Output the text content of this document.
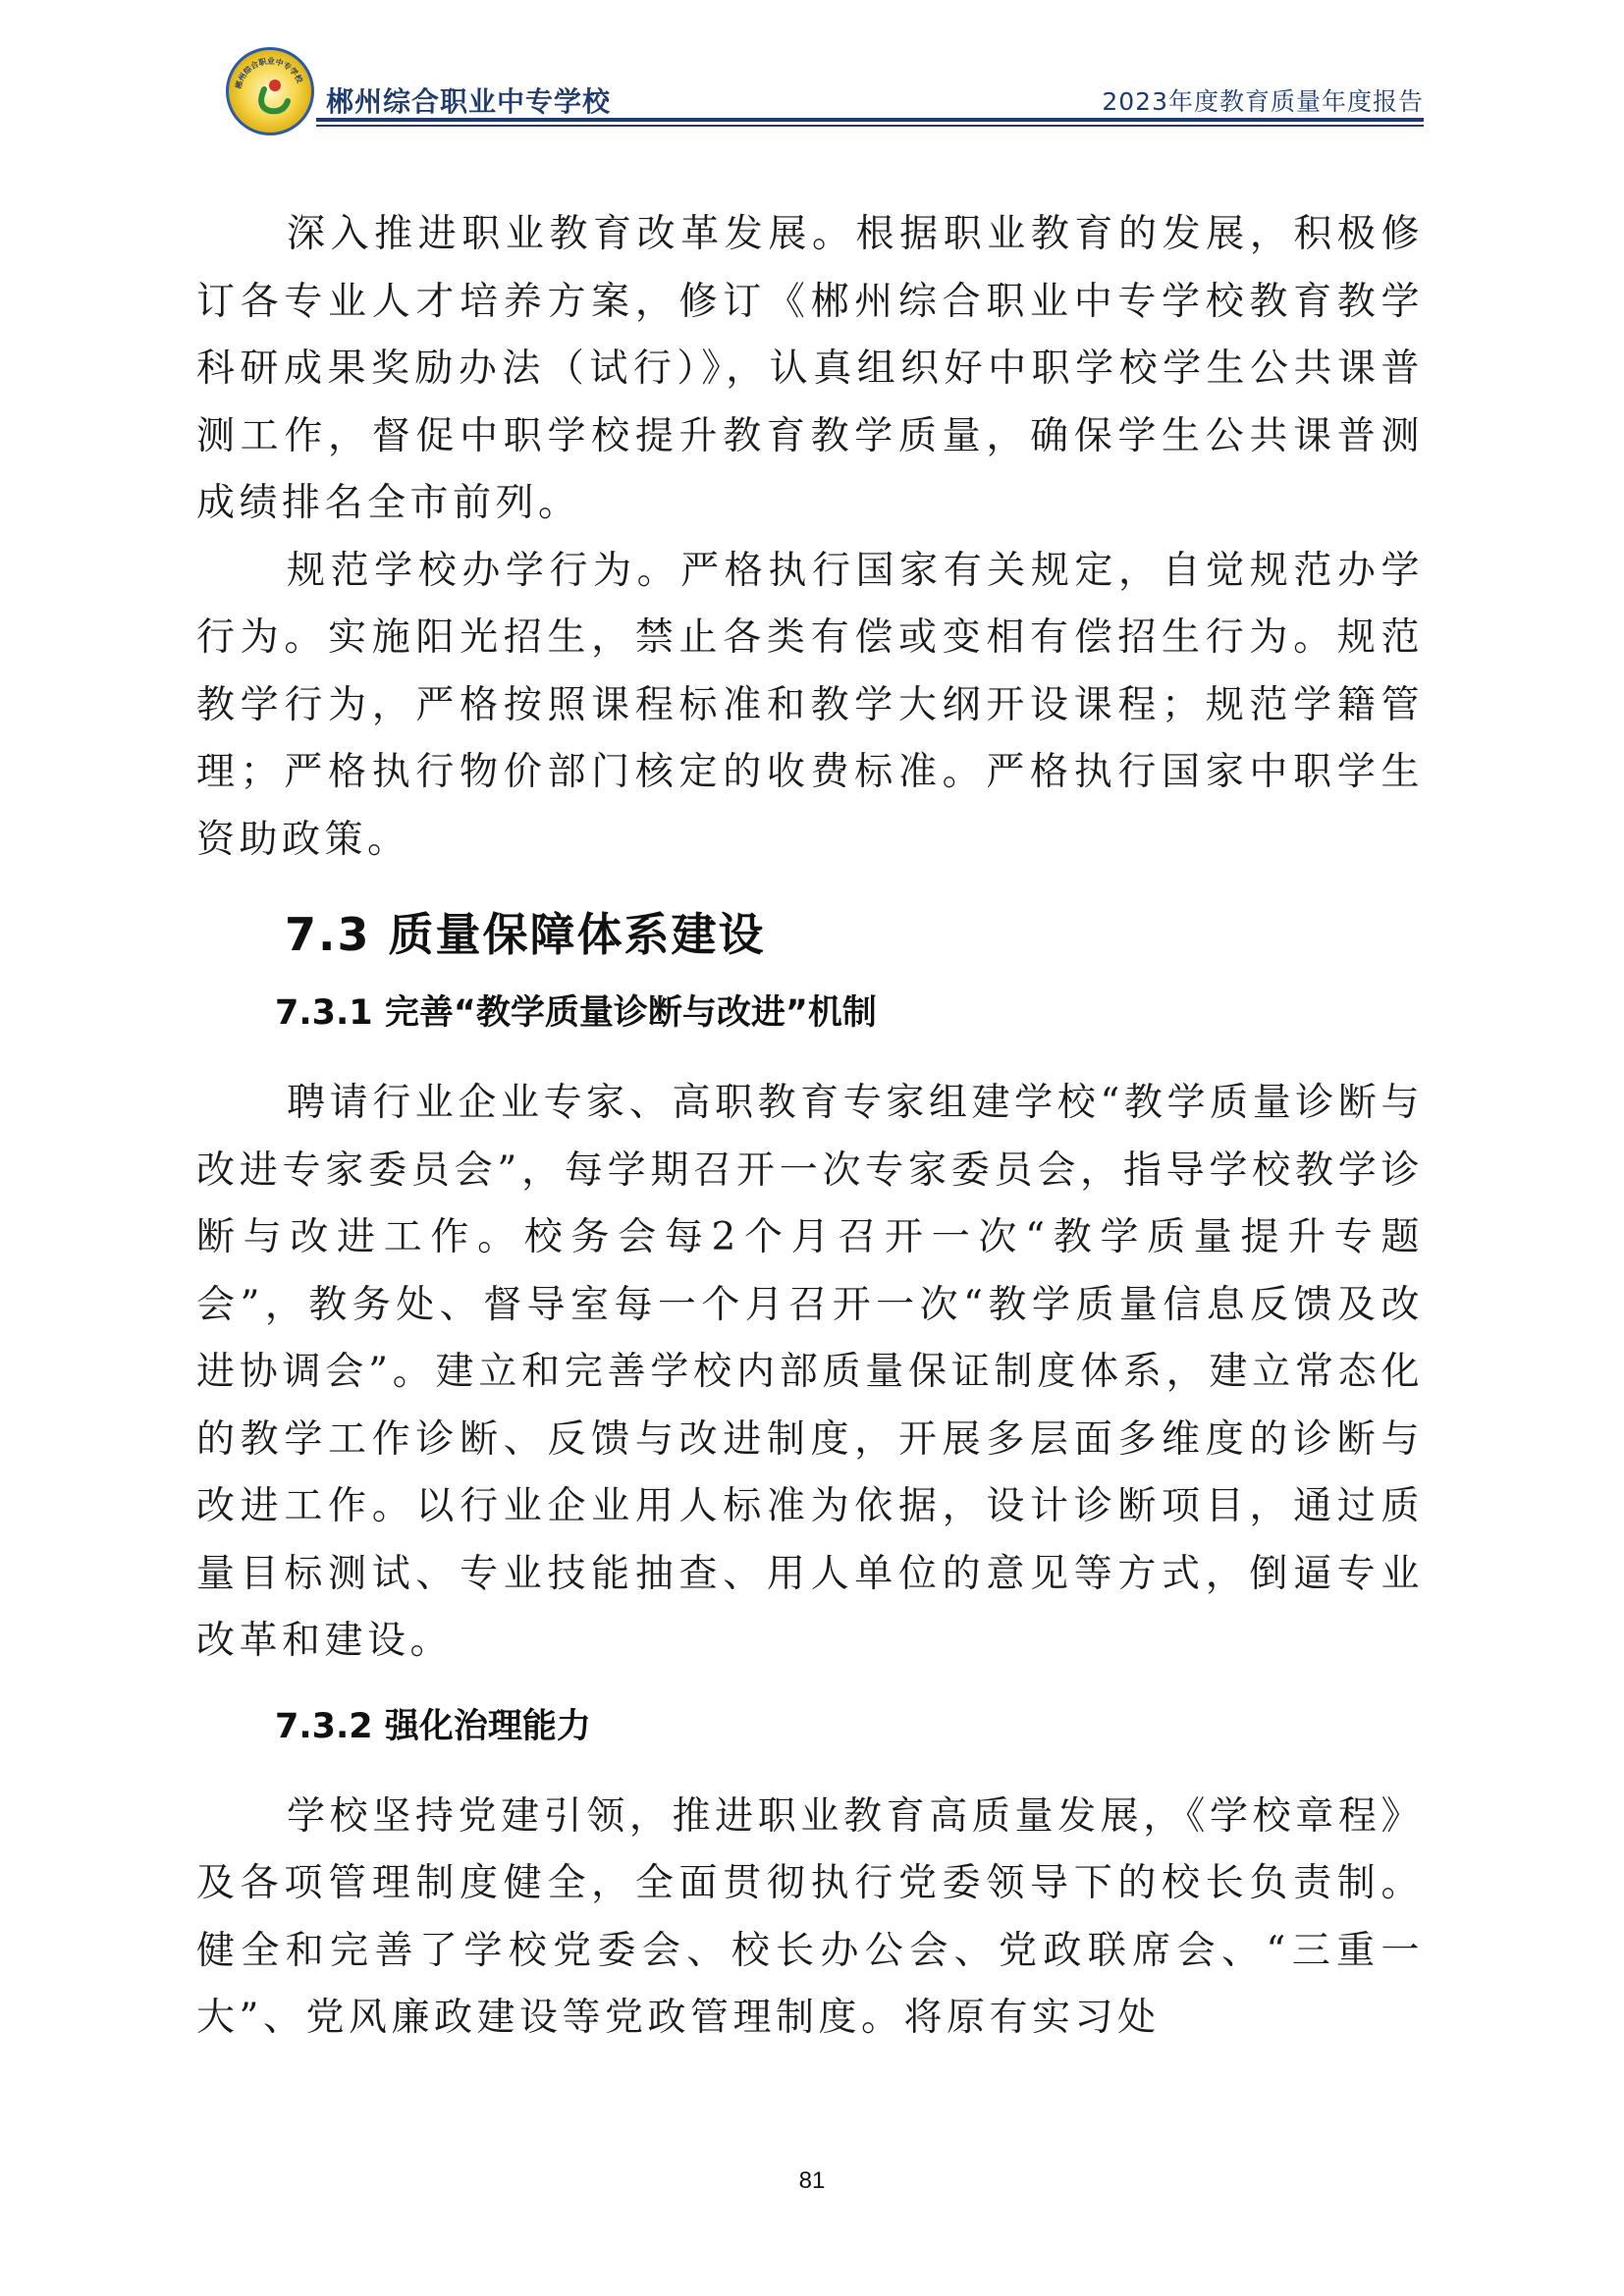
郴州综合职业中专学校
郴州综合职业中专学校	2023年度教育质量年度报告

深入推进职业教育改革发展。根据职业教育的发展，积极修订各专业人才培养方案，修订《郴州综合职业中专学校教育教学科研成果奖励办法（试行）》，认真组织好中职学校学生公共课普测工作，督促中职学校提升教育教学质量，确保学生公共课普测成绩排名全市前列。

规范学校办学行为。严格执行国家有关规定，自觉规范办学行为。实施阳光招生，禁止各类有偿或变相有偿招生行为。规范教学行为，严格按照课程标准和教学大纲开设课程；规范学籍管理；严格执行物价部门核定的收费标准。严格执行国家中职学生资助政策。

7.3 质量保障体系建设
7.3.1 完善“教学质量诊断与改进”机制

聘请行业企业专家、高职教育专家组建学校“教学质量诊断与改进专家委员会”，每学期召开一次专家委员会，指导学校教学诊断与改进工作。校务会每2个月召开一次“教学质量提升专题会”，教务处、督导室每一个月召开一次“教学质量信息反馈及改进协调会”。建立和完善学校内部质量保证制度体系，建立常态化的教学工作诊断、反馈与改进制度，开展多层面多维度的诊断与改进工作。以行业企业用人标准为依据，设计诊断项目，通过质量目标测试、专业技能抽查、用人单位的意见等方式，倒逼专业改革和建设。

7.3.2 强化治理能力

学校坚持党建引领，推进职业教育高质量发展，《学校章程》及各项管理制度健全，全面贯彻执行党委领导下的校长负责制。健全和完善了学校党委会、校长办公会、党政联席会、“三重一大”、党风廉政建设等党政管理制度。将原有实习处

81
